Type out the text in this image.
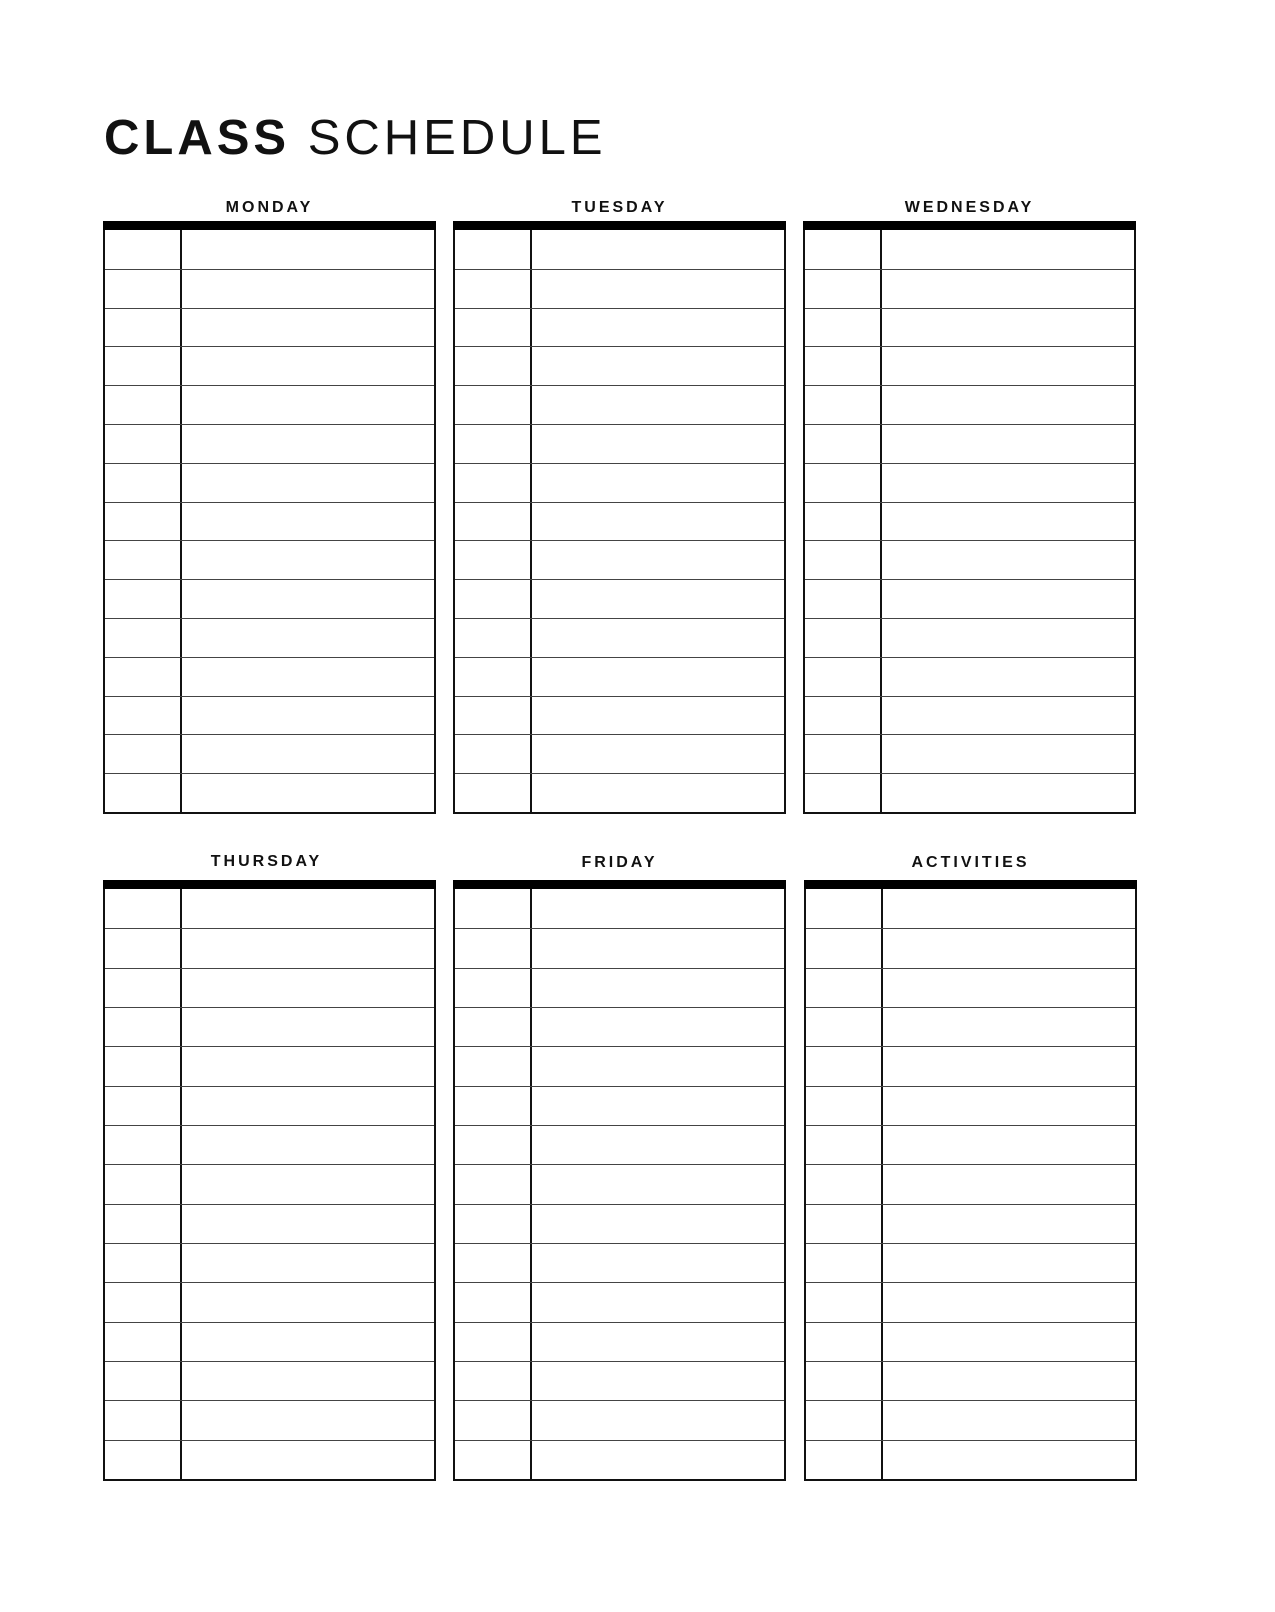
CLASS SCHEDULE
MONDAY	TUESDAY	WEDNESDAY
THURSDAY	FRIDAY	ACTIVITIES
